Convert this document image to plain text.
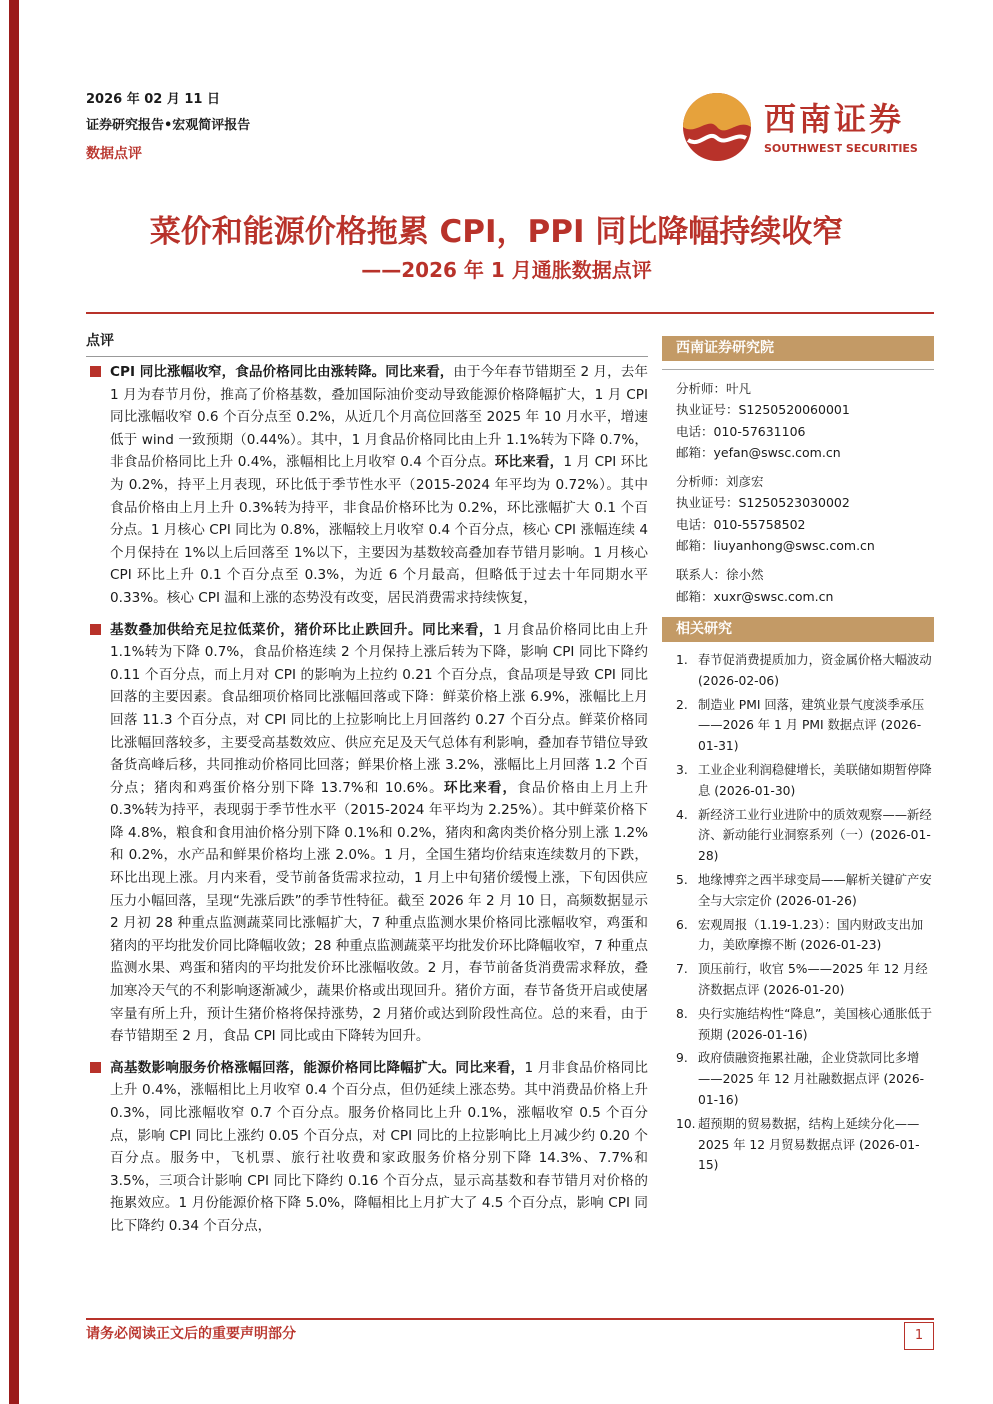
2026 年 02 月 11 日
证券研究报告•宏观简评报告
数据点评
西南证券
SOUTHWEST SECURITIES
菜价和能源价格拖累 CPI，PPI 同比降幅持续收窄
——2026 年 1 月通胀数据点评
点评
CPI 同比涨幅收窄，食品价格同比由涨转降。同比来看，由于今年春节错期至 2 月，去年 1 月为春节月份，推高了价格基数，叠加国际油价变动导致能源价格降幅扩大，1 月 CPI 同比涨幅收窄 0.6 个百分点至 0.2%，从近几个月高位回落至 2025 年 10 月水平，增速低于 wind 一致预期（0.44%）。其中，1 月食品价格同比由上升 1.1%转为下降 0.7%，非食品价格同比上升 0.4%，涨幅相比上月收窄 0.4 个百分点。环比来看，1 月 CPI 环比为 0.2%，持平上月表现，环比低于季节性水平（2015-2024 年平均为 0.72%）。其中食品价格由上月上升 0.3%转为持平，非食品价格环比为 0.2%，环比涨幅扩大 0.1 个百分点。1 月核心 CPI 同比为 0.8%，涨幅较上月收窄 0.4 个百分点，核心 CPI 涨幅连续 4 个月保持在 1%以上后回落至 1%以下，主要因为基数较高叠加春节错月影响。1 月核心 CPI 环比上升 0.1 个百分点至 0.3%，为近 6 个月最高，但略低于过去十年同期水平 0.33%。核心 CPI 温和上涨的态势没有改变，居民消费需求持续恢复，
基数叠加供给充足拉低菜价，猪价环比止跌回升。同比来看，1 月食品价格同比由上升 1.1%转为下降 0.7%，食品价格连续 2 个月保持上涨后转为下降，影响 CPI 同比下降约 0.11 个百分点，而上月对 CPI 的影响为上拉约 0.21 个百分点，食品项是导致 CPI 同比回落的主要因素。食品细项价格同比涨幅回落或下降：鲜菜价格上涨 6.9%，涨幅比上月回落 11.3 个百分点，对 CPI 同比的上拉影响比上月回落约 0.27 个百分点。鲜菜价格同比涨幅回落较多，主要受高基数效应、供应充足及天气总体有利影响，叠加春节错位导致备货高峰后移，共同推动价格同比回落；鲜果价格上涨 3.2%，涨幅比上月回落 1.2 个百分点；猪肉和鸡蛋价格分别下降 13.7%和 10.6%。环比来看，食品价格由上月上升 0.3%转为持平，表现弱于季节性水平（2015-2024 年平均为 2.25%）。其中鲜菜价格下降 4.8%，粮食和食用油价格分别下降 0.1%和 0.2%，猪肉和禽肉类价格分别上涨 1.2%和 0.2%，水产品和鲜果价格均上涨 2.0%。1 月，全国生猪均价结束连续数月的下跌，环比出现上涨。月内来看，受节前备货需求拉动，1 月上中旬猪价缓慢上涨，下旬因供应压力小幅回落，呈现“先涨后跌”的季节性特征。截至 2026 年 2 月 10 日，高频数据显示 2 月初 28 种重点监测蔬菜同比涨幅扩大，7 种重点监测水果价格同比涨幅收窄，鸡蛋和猪肉的平均批发价同比降幅收敛；28 种重点监测蔬菜平均批发价环比降幅收窄，7 种重点监测水果、鸡蛋和猪肉的平均批发价环比涨幅收敛。2 月，春节前备货消费需求释放，叠加寒冷天气的不利影响逐渐减少，蔬果价格或出现回升。猪价方面，春节备货开启或使屠宰量有所上升，预计生猪价格将保持涨势，2 月猪价或达到阶段性高位。总的来看，由于春节错期至 2 月，食品 CPI 同比或由下降转为回升。
高基数影响服务价格涨幅回落，能源价格同比降幅扩大。同比来看，1 月非食品价格同比上升 0.4%，涨幅相比上月收窄 0.4 个百分点，但仍延续上涨态势。其中消费品价格上升 0.3%，同比涨幅收窄 0.7 个百分点。服务价格同比上升 0.1%，涨幅收窄 0.5 个百分点，影响 CPI 同比上涨约 0.05 个百分点，对 CPI 同比的上拉影响比上月减少约 0.20 个百分点。服务中，飞机票、旅行社收费和家政服务价格分别下降 14.3%、7.7%和 3.5%，三项合计影响 CPI 同比下降约 0.16 个百分点，显示高基数和春节错月对价格的拖累效应。1 月份能源价格下降 5.0%，降幅相比上月扩大了 4.5 个百分点，影响 CPI 同比下降约 0.34 个百分点，
西南证券研究院
分析师：叶凡
执业证号：S1250520060001
电话：010-57631106
邮箱：yefan@swsc.com.cn
分析师：刘彦宏
执业证号：S1250523030002
电话：010-55758502
邮箱：liuyanhong@swsc.com.cn
联系人：徐小然
邮箱：xuxr@swsc.com.cn
相关研究
1. 春节促消费提质加力，资金属价格大幅波动 (2026-02-06)
2. 制造业 PMI 回落，建筑业景气度淡季承压——2026 年 1 月 PMI 数据点评 (2026-01-31)
3. 工业企业利润稳健增长，美联储如期暂停降息 (2026-01-30)
4. 新经济工业行业进阶中的质效观察——新经济、新动能行业洞察系列（一）(2026-01-28)
5. 地缘博弈之西半球变局——解析关键矿产安全与大宗定价 (2026-01-26)
6. 宏观周报（1.19-1.23）：国内财政支出加力，美欧摩擦不断 (2026-01-23)
7. 顶压前行，收官 5%——2025 年 12 月经济数据点评 (2026-01-20)
8. 央行实施结构性“降息”，美国核心通胀低于预期 (2026-01-16)
9. 政府债融资拖累社融，企业贷款同比多增——2025 年 12 月社融数据点评 (2026-01-16)
10. 超预期的贸易数据，结构上延续分化——2025 年 12 月贸易数据点评 (2026-01-15)
请务必阅读正文后的重要声明部分	1
